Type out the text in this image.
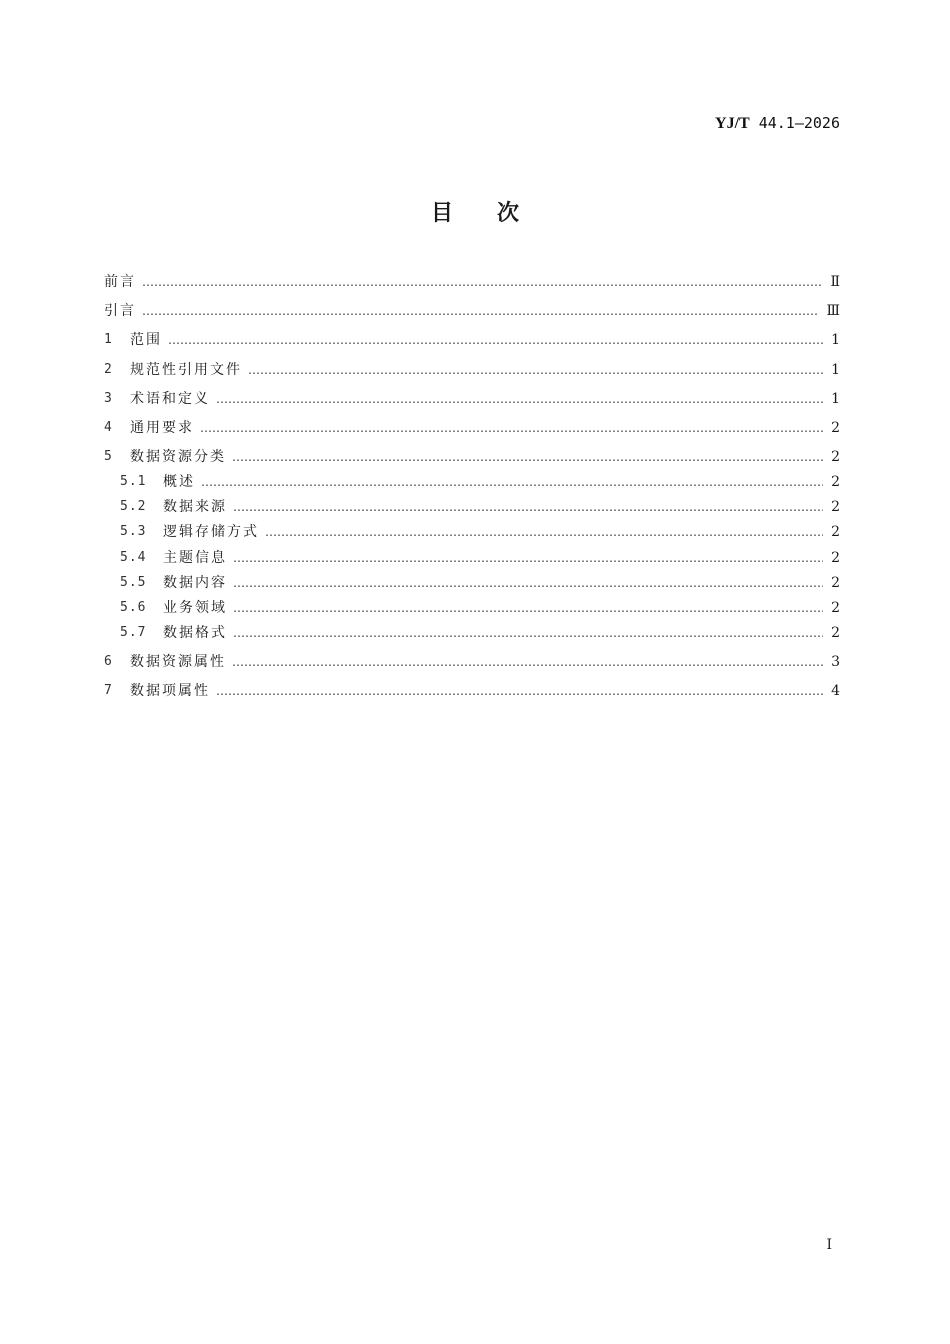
YJ/T 44.1—2026
目次
前言 ………………………………………………………………………………………………………………………………………………………………………………………………………………	Ⅱ
引言 ………………………………………………………………………………………………………………………………………………………………………………………………………………	Ⅲ
1	范围 ………………………………………………………………………………………………………………………………………………………………………………………………………………	1
2	规范性引用文件 ………………………………………………………………………………………………………………………………………………………………………………………………………………	1
3	术语和定义 ………………………………………………………………………………………………………………………………………………………………………………………………………………	1
4	通用要求 ………………………………………………………………………………………………………………………………………………………………………………………………………………	2
5	数据资源分类 ………………………………………………………………………………………………………………………………………………………………………………………………………………	2
5.1	概述 ………………………………………………………………………………………………………………………………………………………………………………………………………………	2
5.2	数据来源 ………………………………………………………………………………………………………………………………………………………………………………………………………………	2
5.3	逻辑存储方式 ………………………………………………………………………………………………………………………………………………………………………………………………………………	2
5.4	主题信息 ………………………………………………………………………………………………………………………………………………………………………………………………………………	2
5.5	数据内容 ………………………………………………………………………………………………………………………………………………………………………………………………………………	2
5.6	业务领域 ………………………………………………………………………………………………………………………………………………………………………………………………………………	2
5.7	数据格式 ………………………………………………………………………………………………………………………………………………………………………………………………………………	2
6	数据资源属性 ………………………………………………………………………………………………………………………………………………………………………………………………………………	3
7	数据项属性 ………………………………………………………………………………………………………………………………………………………………………………………………………………	4
I
